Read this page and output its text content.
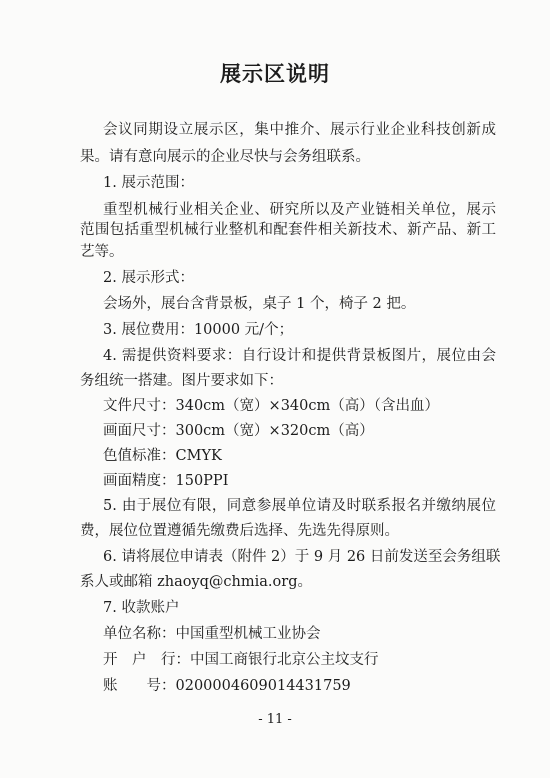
展示区说明
会议同期设立展示区，集中推介、展示行业企业科技创新成
果。请有意向展示的企业尽快与会务组联系。
1. 展示范围：
重型机械行业相关企业、研究所以及产业链相关单位，展示
范围包括重型机械行业整机和配套件相关新技术、新产品、新工
艺等。
2. 展示形式：
会场外，展台含背景板，桌子 1 个，椅子 2 把。
3. 展位费用：10000 元/个；
4. 需提供资料要求：自行设计和提供背景板图片，展位由会
务组统一搭建。图片要求如下：
文件尺寸：340cm（宽）×340cm（高）（含出血）
画面尺寸：300cm（宽）×320cm（高）
色值标准：CMYK
画面精度：150PPI
5. 由于展位有限，同意参展单位请及时联系报名并缴纳展位
费，展位位置遵循先缴费后选择、先选先得原则。
6. 请将展位申请表（附件 2）于 9 月 26 日前发送至会务组联
系人或邮箱 zhaoyq@chmia.org。
7. 收款账户
单位名称：中国重型机械工业协会
开　户　行：中国工商银行北京公主坟支行
账　　号：0200004609014431759
- 11 -
